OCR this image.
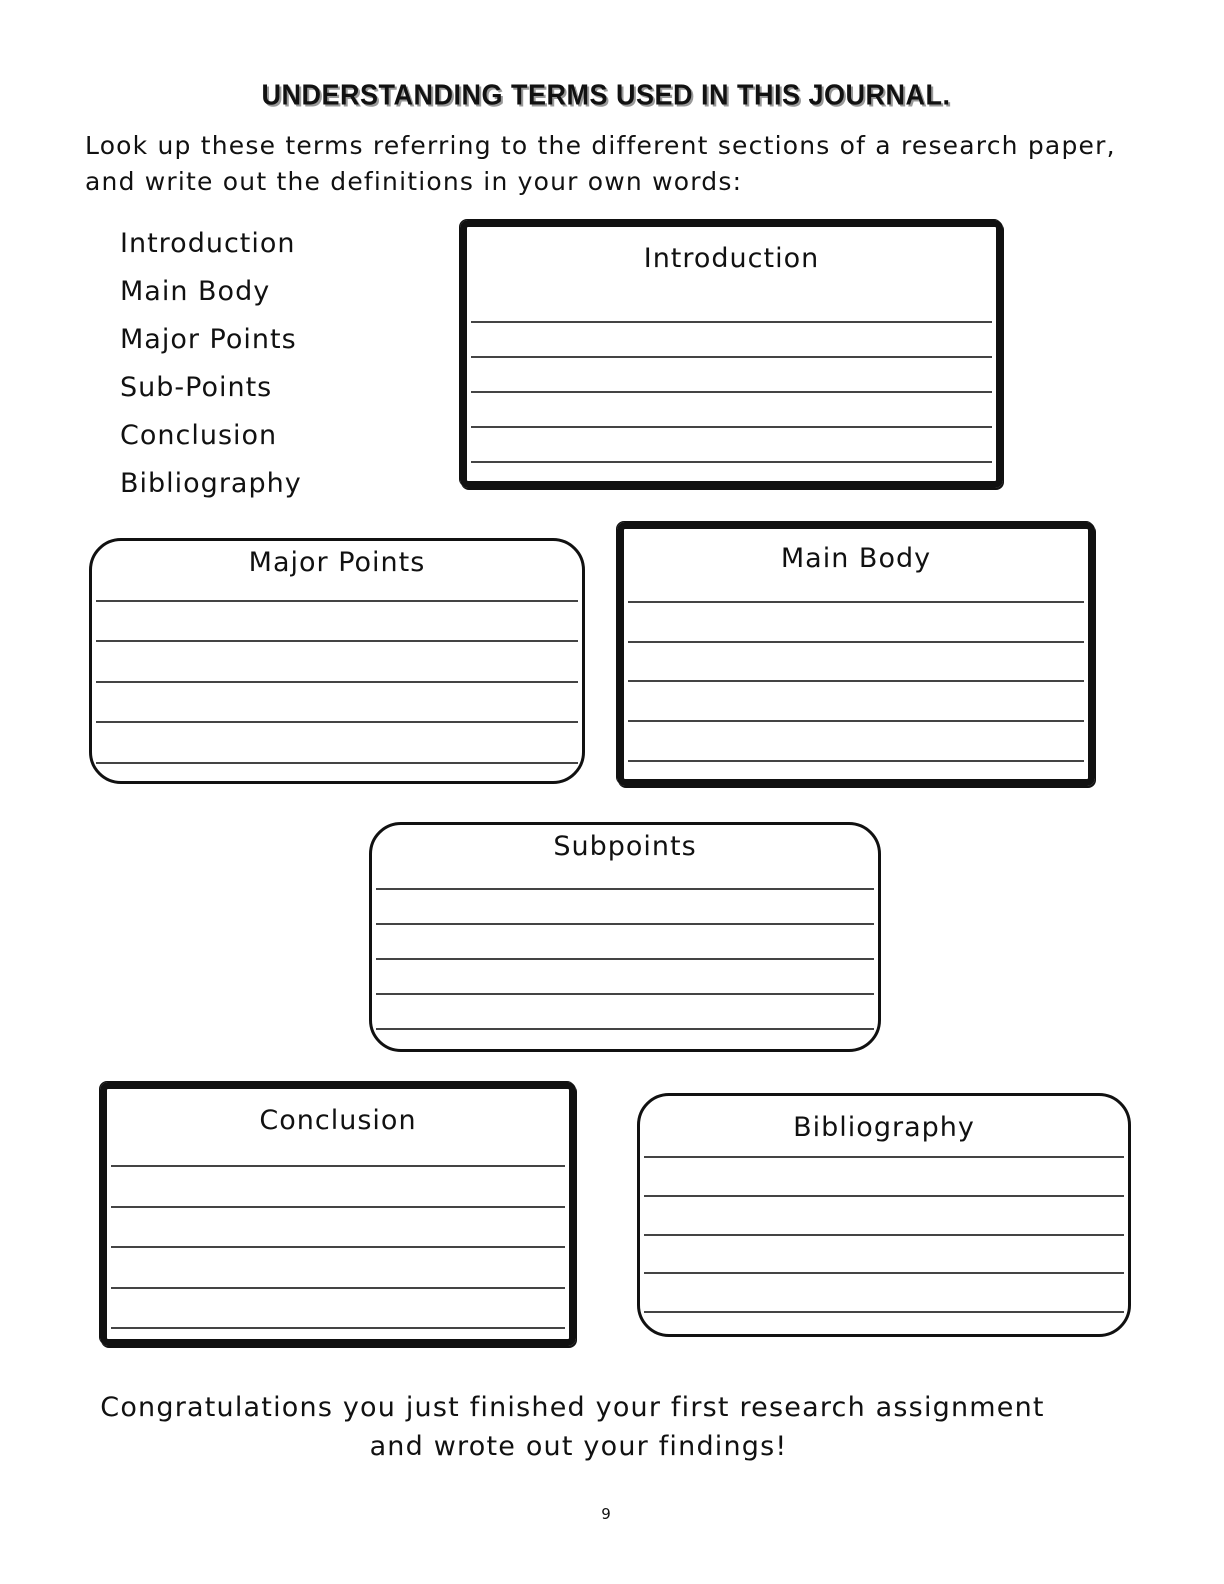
UNDERSTANDING TERMS USED IN THIS JOURNAL.
Look up these terms referring to the different sections of a research paper,
and write out the definitions in your own words:
Introduction
Main Body
Major Points
Sub-Points
Conclusion
Bibliography
Introduction
Major Points	Main Body
Subpoints
Conclusion	Bibliography
Congratulations you just finished your first research assignment
and wrote out your findings!
9
